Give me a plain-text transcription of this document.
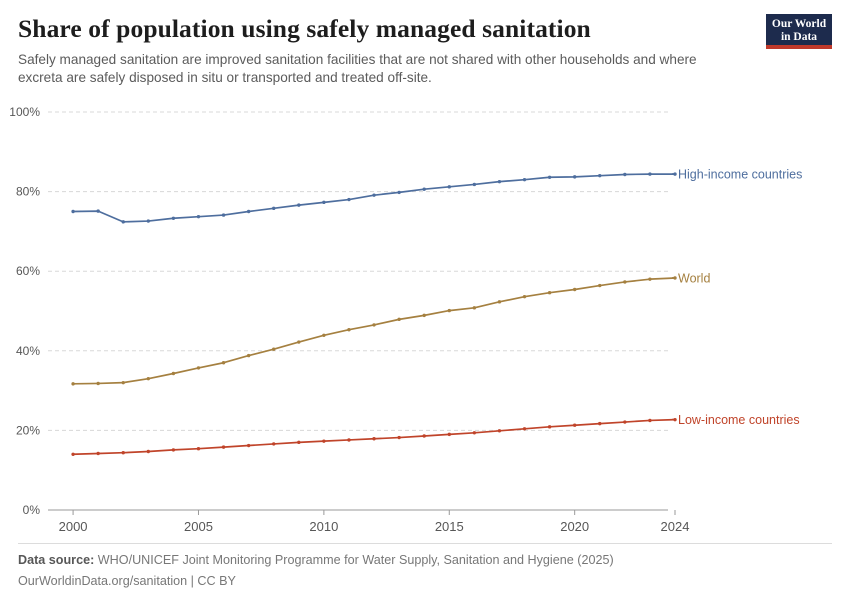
Share of population using safely managed sanitation

Safely managed sanitation are improved sanitation facilities that are not shared with other households and where excreta are safely disposed in situ or transported and treated off-site.

Our World
in Data
0%
20%
40%
60%
80%
100%
2000	2005	2010	2015	2020	2024
High-income countries
World
Low-income countries

Data source: WHO/UNICEF Joint Monitoring Programme for Water Supply, Sanitation and Hygiene (2025)

OurWorldinData.org/sanitation | CC BY
